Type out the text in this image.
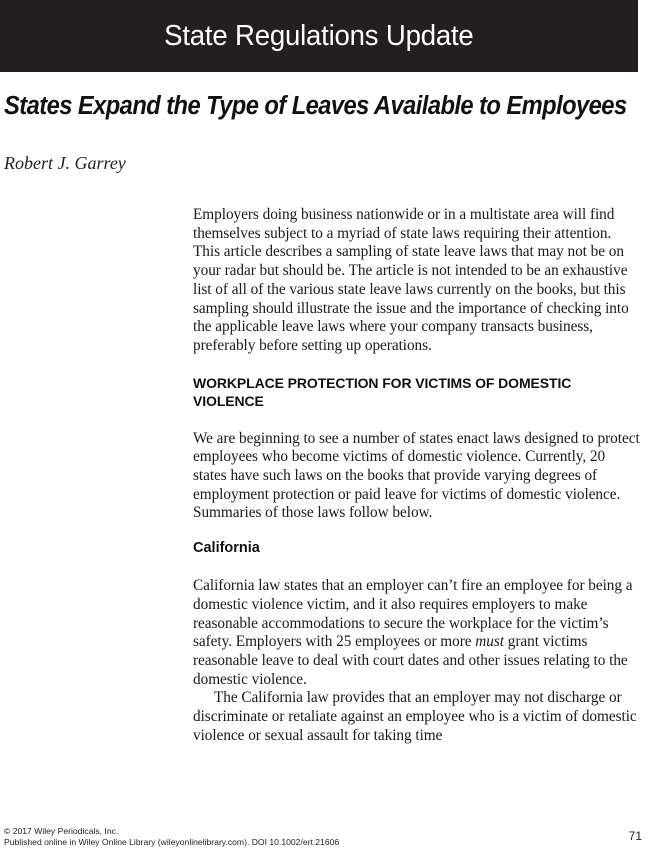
State Regulations Update
States Expand the Type of Leaves Available to Employees
Robert J. Garrey

Employers doing business nationwide or in a multistate area will find themselves subject to a myriad of state laws requiring their attention. This article describes a sampling of state leave laws that may not be on your radar but should be. The article is not intended to be an exhaustive list of all of the various state leave laws currently on the books, but this sampling should illustrate the issue and the importance of checking into the applicable leave laws where your company transacts business, preferably before setting up operations.

WORKPLACE PROTECTION FOR VICTIMS OF DOMESTIC VIOLENCE

We are beginning to see a number of states enact laws designed to protect employees who become victims of domestic violence. Currently, 20 states have such laws on the books that provide varying degrees of employment protection or paid leave for victims of domestic violence. Summaries of those laws follow below.

California

California law states that an employer can’t fire an employee for being a domestic violence victim, and it also requires employers to make reasonable accommodations to secure the workplace for the victim’s safety. Employers with 25 employees or more must grant victims reasonable leave to deal with court dates and other issues relating to the domestic violence.

The California law provides that an employer may not discharge or discriminate or retaliate against an employee who is a victim of domestic violence or sexual assault for taking time

© 2017 Wiley Periodicals, Inc.
Published online in Wiley Online Library (wileyonlinelibrary.com). DOI 10.1002/ert.21606	71
